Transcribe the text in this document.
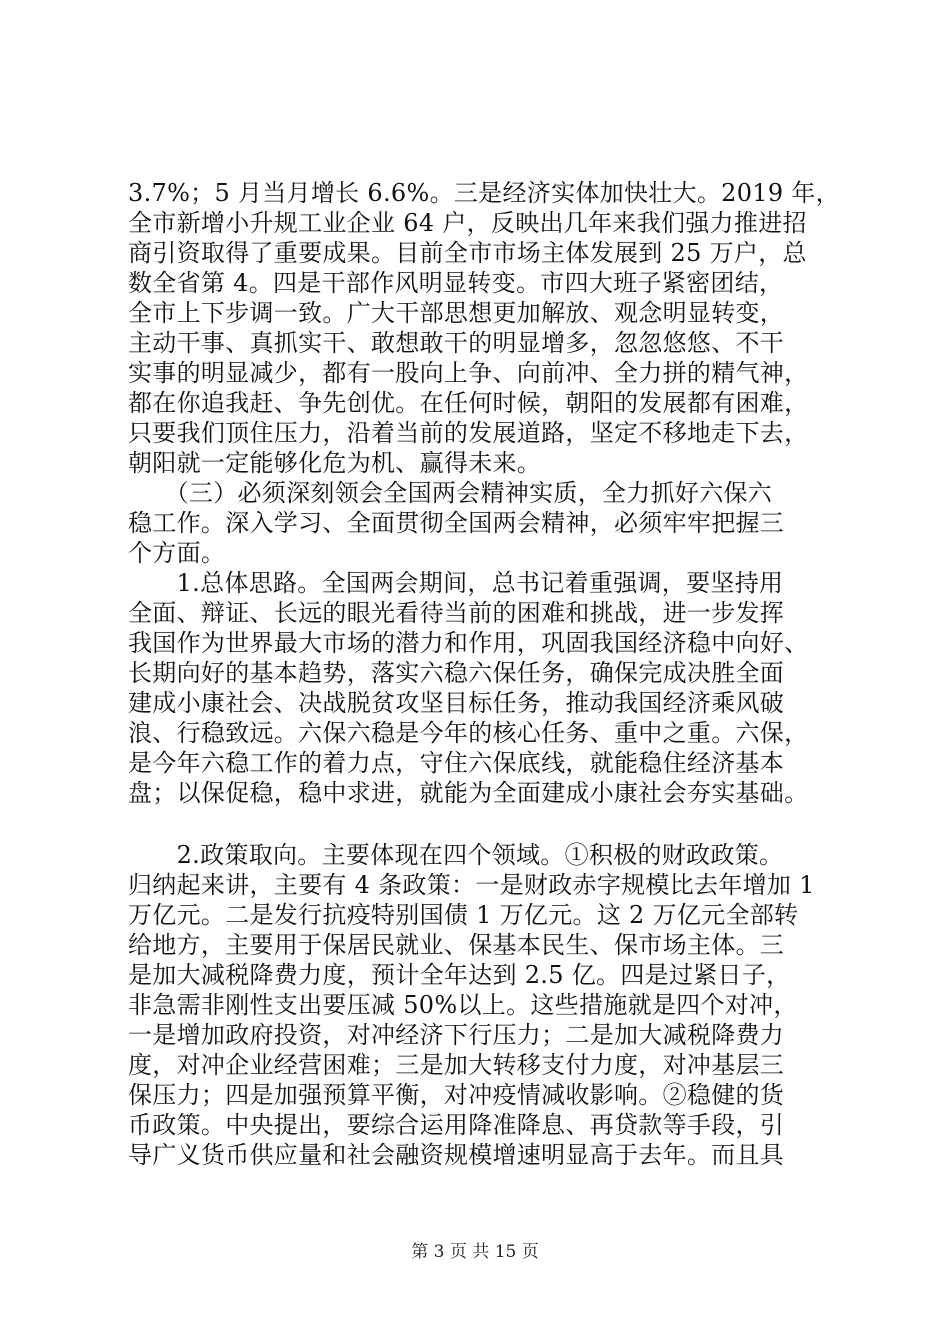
3.7%；5 月当月增长 6.6%。三是经济实体加快壮大。2019 年，
全市新增小升规工业企业 64 户，反映出几年来我们强力推进招
商引资取得了重要成果。目前全市市场主体发展到 25 万户，总
数全省第 4。四是干部作风明显转变。市四大班子紧密团结，
全市上下步调一致。广大干部思想更加解放、观念明显转变，
主动干事、真抓实干、敢想敢干的明显增多，忽忽悠悠、不干
实事的明显减少，都有一股向上争、向前冲、全力拼的精气神，
都在你追我赶、争先创优。在任何时候，朝阳的发展都有困难，
只要我们顶住压力，沿着当前的发展道路，坚定不移地走下去，
朝阳就一定能够化危为机、赢得未来。
　　（三）必须深刻领会全国两会精神实质，全力抓好六保六
稳工作。深入学习、全面贯彻全国两会精神，必须牢牢把握三
个方面。
　　1.总体思路。全国两会期间，总书记着重强调，要坚持用
全面、辩证、长远的眼光看待当前的困难和挑战，进一步发挥
我国作为世界最大市场的潜力和作用，巩固我国经济稳中向好、
长期向好的基本趋势，落实六稳六保任务，确保完成决胜全面
建成小康社会、决战脱贫攻坚目标任务，推动我国经济乘风破
浪、行稳致远。六保六稳是今年的核心任务、重中之重。六保，
是今年六稳工作的着力点，守住六保底线，就能稳住经济基本
盘；以保促稳，稳中求进，就能为全面建成小康社会夯实基础。
　　2.政策取向。主要体现在四个领域。①积极的财政政策。
归纳起来讲，主要有 4 条政策：一是财政赤字规模比去年增加 1
万亿元。二是发行抗疫特别国债 1 万亿元。这 2 万亿元全部转
给地方，主要用于保居民就业、保基本民生、保市场主体。三
是加大减税降费力度，预计全年达到 2.5 亿。四是过紧日子，
非急需非刚性支出要压减 50%以上。这些措施就是四个对冲，
一是增加政府投资，对冲经济下行压力；二是加大减税降费力
度，对冲企业经营困难；三是加大转移支付力度，对冲基层三
保压力；四是加强预算平衡，对冲疫情减收影响。②稳健的货
币政策。中央提出，要综合运用降准降息、再贷款等手段，引
导广义货币供应量和社会融资规模增速明显高于去年。而且具
第 3 页 共 15 页
